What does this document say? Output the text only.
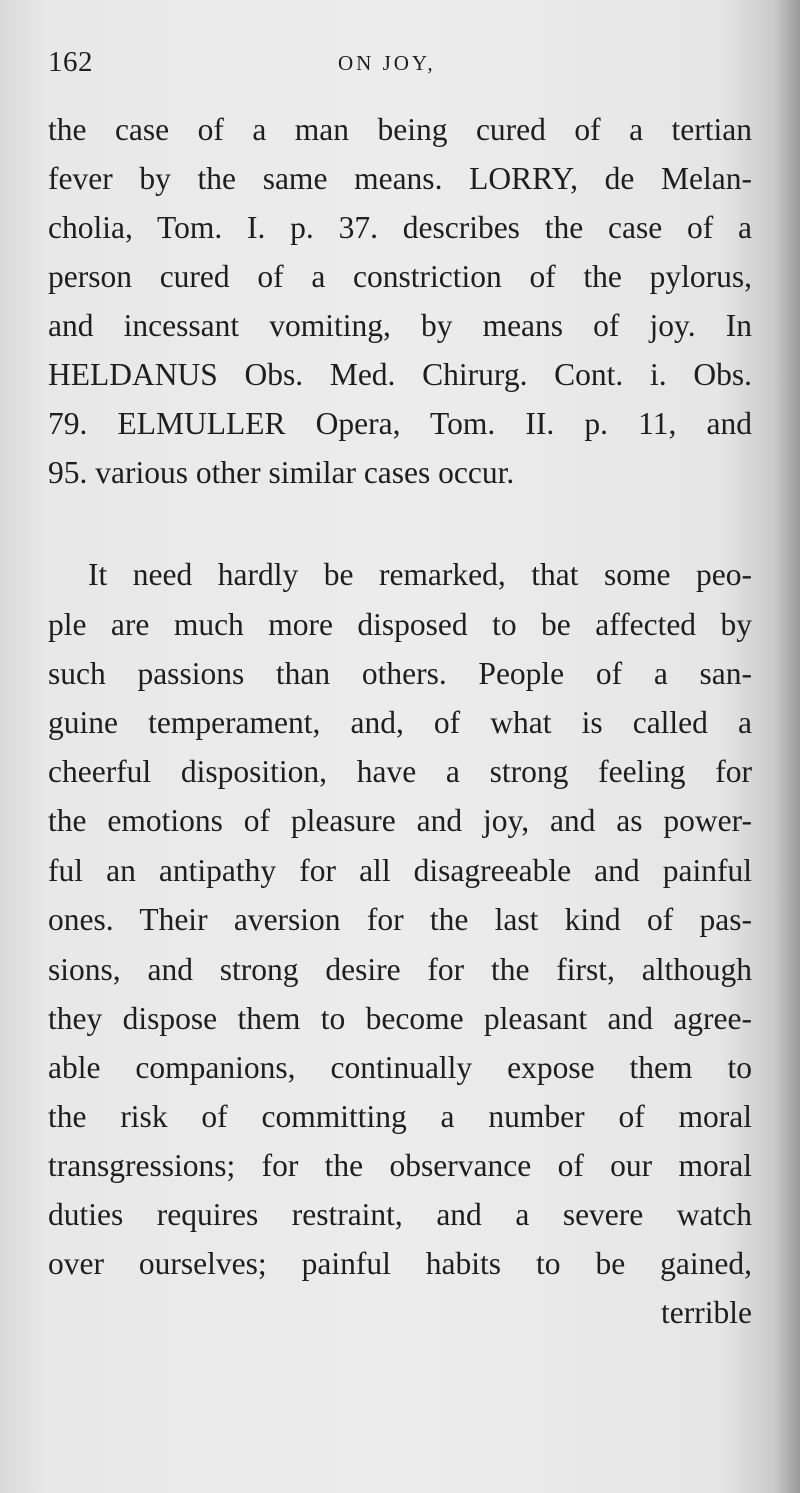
162	ON JOY,
the case of a man being cured of a tertian
fever by the same means. LORRY, de Melan-
cholia, Tom. I. p. 37. describes the case of a
person cured of a constriction of the pylorus,
and incessant vomiting, by means of joy. In
HELDANUS Obs. Med. Chirurg. Cont. i. Obs.
79. ELMULLER Opera, Tom. II. p. 11, and
95. various other similar cases occur.
It need hardly be remarked, that some peo-
ple are much more disposed to be affected by
such passions than others. People of a san-
guine temperament, and, of what is called a
cheerful disposition, have a strong feeling for
the emotions of pleasure and joy, and as power-
ful an antipathy for all disagreeable and painful
ones. Their aversion for the last kind of pas-
sions, and strong desire for the first, although
they dispose them to become pleasant and agree-
able companions, continually expose them to
the risk of committing a number of moral
transgressions; for the observance of our moral
duties requires restraint, and a severe watch
over ourselves; painful habits to be gained,
terrible
